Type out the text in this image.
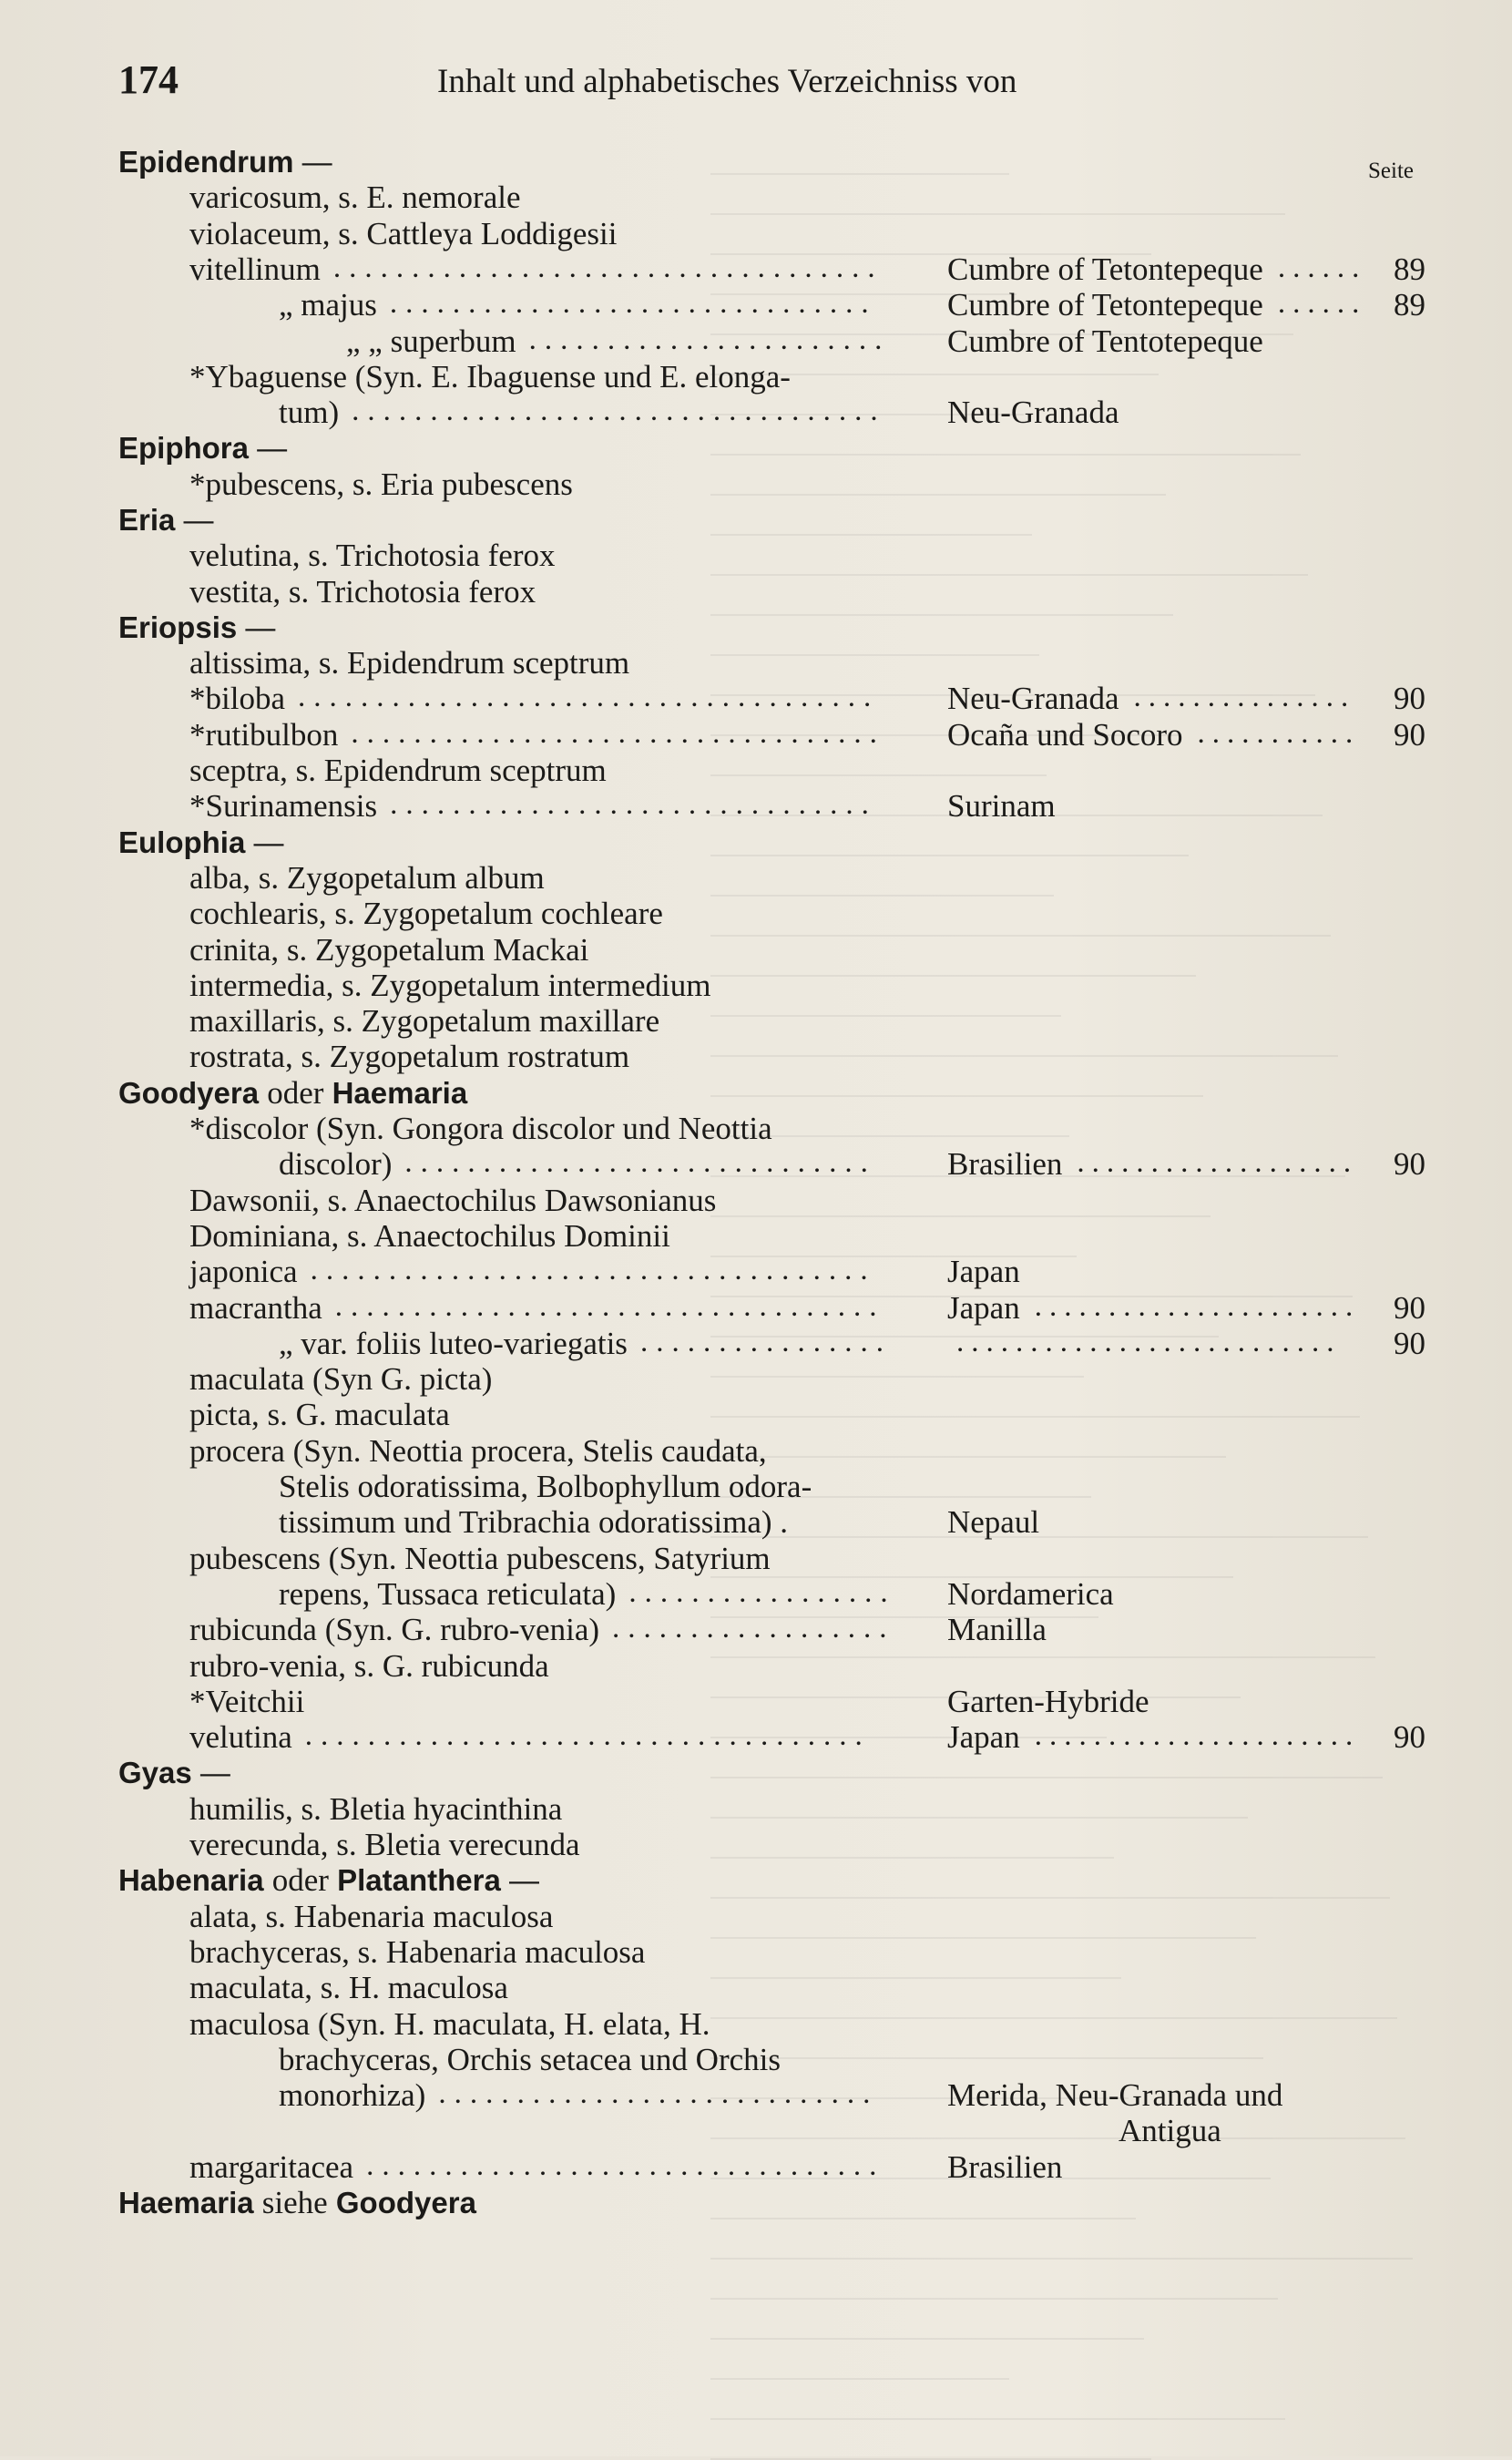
174	Inhalt und alphabetisches Verzeichniss von
Seite
Epidendrum —
varicosum, s. E. nemorale
violaceum, s. Cattleya Loddigesii
vitellinum ................................... Cumbre of Tetontepeque ...... 89
„ majus ............................... Cumbre of Tetontepeque ...... 89
„ „ superbum ....................... Cumbre of Tentotepeque
*Ybaguense (Syn. E. Ibaguense und E. elonga-
tum) .................................. Neu-Granada
Epiphora —
*pubescens, s. Eria pubescens
Eria —
velutina, s. Trichotosia ferox
vestita, s. Trichotosia ferox
Eriopsis —
altissima, s. Epidendrum sceptrum
*biloba ..................................... Neu-Granada ............... 90
*rutibulbon .................................. Ocaña und Socoro ........... 90
sceptra, s. Epidendrum sceptrum
*Surinamensis ............................... Surinam
Eulophia —
alba, s. Zygopetalum album
cochlearis, s. Zygopetalum cochleare
crinita, s. Zygopetalum Mackai
intermedia, s. Zygopetalum intermedium
maxillaris, s. Zygopetalum maxillare
rostrata, s. Zygopetalum rostratum
Goodyera oder Haemaria
*discolor (Syn. Gongora discolor und Neottia
discolor) .............................. Brasilien ................... 90
Dawsonii, s. Anaectochilus Dawsonianus
Dominiana, s. Anaectochilus Dominii
japonica .................................... Japan
macrantha ................................... Japan ...................... 90
„ var. foliis luteo-variegatis ................ .......................... 90
maculata (Syn G. picta)
picta, s. G. maculata
procera (Syn. Neottia procera, Stelis caudata,
Stelis odoratissima, Bolbophyllum odora-
tissimum und Tribrachia odoratissima) .	Nepaul
pubescens (Syn. Neottia pubescens, Satyrium
repens, Tussaca reticulata) ................. Nordamerica
rubicunda (Syn. G. rubro-venia) .................. Manilla
rubro-venia, s. G. rubicunda
*Veitchii	Garten-Hybride
velutina .................................... Japan ...................... 90
Gyas —
humilis, s. Bletia hyacinthina
verecunda, s. Bletia verecunda
Habenaria oder Platanthera —
alata, s. Habenaria maculosa
brachyceras, s. Habenaria maculosa
maculata, s. H. maculosa
maculosa (Syn. H. maculata, H. elata, H.
brachyceras, Orchis setacea und Orchis
monorhiza) ............................ Merida, Neu-Granada und
Antigua
margaritacea ................................. Brasilien
Haemaria siehe Goodyera
